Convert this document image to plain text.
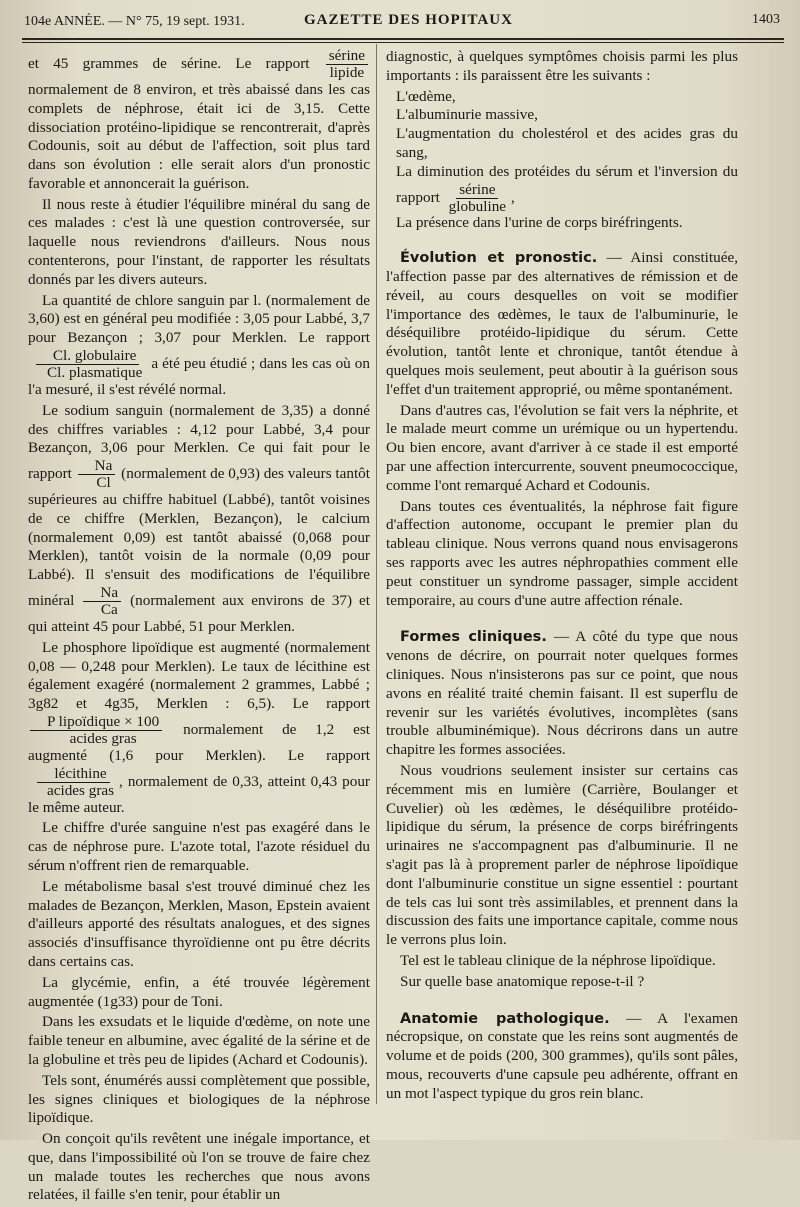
104e ANNÉE. — N° 75, 19 sept. 1931.	GAZETTE DES HOPITAUX	1403

et 45 grammes de sérine. Le rapport $\frac{\text{sérine}}{\text{lipide}}$
normalement de 8 environ, et très abaissé dans les cas complets de néphrose, était ici de 3,15. Cette dissociation protéino-lipidique se rencontrerait, d'après Codounis, soit au début de l'affection, soit plus tard dans son évolution : elle serait alors d'un pronostic favorable et annoncerait la guérison.

Il nous reste à étudier l'équilibre minéral du sang de ces malades : c'est là une question controversée, sur laquelle nous reviendrons d'ailleurs. Nous nous contenterons, pour l'instant, de rapporter les résultats donnés par les divers auteurs.

La quantité de chlore sanguin par l. (normalement de 3,60) est en général peu modifiée : 3,05 pour Labbé, 3,7 pour Bezançon ; 3,07 pour Merklen. Le rapport
$\frac{\text{Cl. globulaire}}{\text{Cl. plasmatique}}$ a été peu étudié ; dans les cas où on l'a mesuré, il s'est révélé normal.

Le sodium sanguin (normalement de 3,35) a donné des chiffres variables : 4,12 pour Labbé, 3,4 pour Bezançon, 3,06 pour Merklen. Ce qui fait pour le rapport $\frac{Na}{Cl}$ (normalement de 0,93) des valeurs tantôt supérieures au chiffre habituel (Labbé), tantôt voisines de ce chiffre (Merklen, Bezançon), le calcium (normalement 0,09) est tantôt abaissé (0,068 pour Merklen), tantôt voisin de la normale (0,09 pour Labbé). Il s'ensuit des modifications de l'équilibre minéral $\frac{Na}{Ca}$ (normalement aux environs de 37) et qui atteint 45 pour Labbé, 51 pour Merklen.

Le phosphore lipoïdique est augmenté (normalement 0,08 — 0,248 pour Merklen). Le taux de lécithine est également exagéré (normalement 2 grammes, Labbé ; 3g82 et 4g35, Merklen : 6,5). Le rapport
$\frac{\text{P lipoïdique × 100}}{\text{acides gras}}$ normalement de 1,2 est augmenté (1,6 pour Merklen). Le rapport
$\frac{\text{lécithine}}{\text{acides gras}}$ , normalement de 0,33, atteint 0,43 pour le même auteur.

Le chiffre d'urée sanguine n'est pas exagéré dans le cas de néphrose pure. L'azote total, l'azote résiduel du sérum n'offrent rien de remarquable.

Le métabolisme basal s'est trouvé diminué chez les malades de Bezançon, Merklen, Mason, Epstein avaient d'ailleurs apporté des résultats analogues, et des signes associés d'insuffisance thyroïdienne ont pu être décrits dans certains cas.

La glycémie, enfin, a été trouvée légèrement augmentée (1g33) pour de Toni.

Dans les exsudats et le liquide d'œdème, on note une faible teneur en albumine, avec égalité de la sérine et de la globuline et très peu de lipides (Achard et Codounis).

Tels sont, énumérés aussi complètement que possible, les signes cliniques et biologiques de la néphrose lipoïdique.

On conçoit qu'ils revêtent une inégale importance, et que, dans l'impossibilité où l'on se trouve de faire chez un malade toutes les recherches que nous avons relatées, il faille s'en tenir, pour établir un

diagnostic, à quelques symptômes choisis parmi les plus importants : ils paraissent être les suivants :

L'œdème,

L'albuminurie massive,

L'augmentation du cholestérol et des acides gras du sang,

La diminution des protéides du sérum et l'inversion du rapport $\frac{\text{sérine}}{\text{globuline}}$ ,

La présence dans l'urine de corps biréfringents.

Évolution et pronostic. — Ainsi constituée, l'affection passe par des alternatives de rémission et de réveil, au cours desquelles on voit se modifier l'importance des œdèmes, le taux de l'albuminurie, le déséquilibre protéido-lipidique du sérum. Cette évolution, tantôt lente et chronique, tantôt étendue à quelques mois seulement, peut aboutir à la guérison sous l'effet d'un traitement approprié, ou même spontanément.

Dans d'autres cas, l'évolution se fait vers la néphrite, et le malade meurt comme un urémique ou un hypertendu. Ou bien encore, avant d'arriver à ce stade il est emporté par une affection intercurrente, souvent pneumococcique, comme l'ont remarqué Achard et Codounis.

Dans toutes ces éventualités, la néphrose fait figure d'affection autonome, occupant le premier plan du tableau clinique. Nous verrons quand nous envisagerons ses rapports avec les autres néphropathies comment elle peut constituer un syndrome passager, simple accident temporaire, au cours d'une autre affection rénale.

Formes cliniques. — A côté du type que nous venons de décrire, on pourrait noter quelques formes cliniques. Nous n'insisterons pas sur ce point, que nous avons en réalité traité chemin faisant. Il est superflu de revenir sur les variétés évolutives, incomplètes (sans trouble albuminémique). Nous décrirons dans un autre chapitre les formes associées.

Nous voudrions seulement insister sur certains cas récemment mis en lumière (Carrière, Boulanger et Cuvelier) où les œdèmes, le déséquilibre protéido-lipidique du sérum, la présence de corps biréfringents urinaires ne s'accompagnent pas d'albuminurie. Il ne s'agit pas là à proprement parler de néphrose lipoïdique dont l'albuminurie constitue un signe essentiel : pourtant de tels cas lui sont très assimilables, et prennent dans la discussion des faits une importance capitale, comme nous le verrons plus loin.

Tel est le tableau clinique de la néphrose lipoïdique.

Sur quelle base anatomique repose-t-il ?

Anatomie pathologique. — A l'examen nécropsique, on constate que les reins sont augmentés de volume et de poids (200, 300 grammes), qu'ils sont pâles, mous, recouverts d'une capsule peu adhérente, offrant en un mot l'aspect typique du gros rein blanc.
